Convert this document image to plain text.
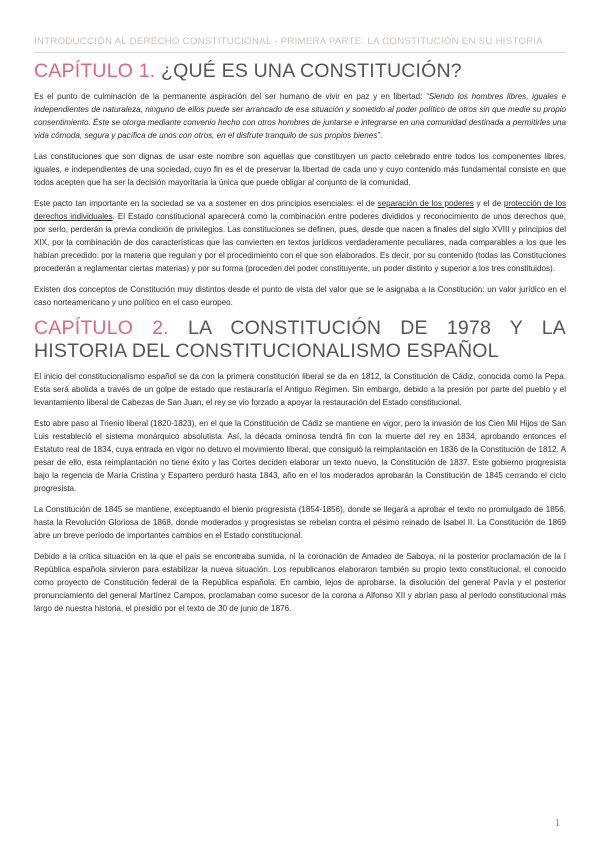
INTRODUCCIÓN AL DERECHO CONSTITUCIONAL - PRIMERA PARTE. LA CONSTITUCIÓN EN SU HISTORIA
CAPÍTULO 1. ¿QUÉ ES UNA CONSTITUCIÓN?

Es el punto de culminación de la permanente aspiración del ser humano de vivir en paz y en libertad: “Siendo los hombres libres, iguales e independientes de naturaleza, ninguno de ellos puede ser arrancado de esa situación y sometido al poder político de otros sin que medie su propio consentimiento. Éste se otorga mediante convenio hecho con otros hombres de juntarse e integrarse en una comunidad destinada a permitirles una vida cómoda, segura y pacífica de unos con otros, en el disfrute tranquilo de sus propios bienes”.

Las constituciones que son dignas de usar este nombre son aquellas que constituyen un pacto celebrado entre todos los componentes libres, iguales, e independientes de una sociedad, cuyo fin es el de preservar la libertad de cada uno y cuyo contenido más fundamental consiste en que todos acepten que ha ser la decisión mayoritaria la única que puede obligar al conjunto de la comunidad.

Este pacto tan importante en la sociedad se va a sostener en dos principios esenciales: el de separación de los poderes y el de protección de los derechos individuales. El Estado constitucional aparecerá como la combinación entre poderes divididos y reconocimiento de unos derechos que, por serlo, perderán la previa condición de privilegios. Las constituciones se definen, pues, desde que nacen a finales del siglo XVIII y principios del XIX, por la combinación de dos características que las convierten en textos jurídicos verdaderamente peculiares, nada comparables a los que les habían precedido: por la materia que regulan y por el procedimiento con el que son elaborados. Es decir, por su contenido (todas las Constituciones procederán a reglamentar ciertas materias) y por su forma (proceden del poder constituyente, un poder distinto y superior a los tres constituidos).

Existen dos conceptos de Constitución muy distintos desde el punto de vista del valor que se le asignaba a la Constitución: un valor jurídico en el caso norteamericano y uno político en el caso europeo.

CAPÍTULO 2. LA CONSTITUCIÓN DE 1978 Y LA HISTORIA DEL CONSTITUCIONALISMO ESPAÑOL

El inicio del constitucionalismo español se da con la primera constitución liberal se da en 1812, la Constitución de Cádiz, conocida como la Pepa. Esta será abolida a través de un golpe de estado que restauraría el Antiguo Régimen. Sin embargo, debido a la presión por parte del pueblo y el levantamiento liberal de Cabezas de San Juan, el rey se vio forzado a apoyar la restauración del Estado constitucional.

Esto abre paso al Trienio liberal (1820-1823), en el que la Constitución de Cádiz se mantiene en vigor, pero la invasión de los Cien Mil Hijos de San Luis restableció el sistema monárquico absolutista. Así, la década ominosa tendrá fin con la muerte del rey en 1834, aprobando entonces el Estatuto real de 1834, cuya entrada en vigor no detuvo el movimiento liberal, que consiguió la reimplantación en 1836 de la Constitución de 1812. A pesar de ello, esta reimplantación no tiene éxito y las Cortes deciden elaborar un texto nuevo, la Constitución de 1837. Este gobierno progresista bajo la regencia de María Cristina y Espartero perduró hasta 1843, año en el los moderados aprobarán la Constitución de 1845 cerrando el ciclo progresista.

La Constitución de 1845 se mantiene, exceptuando el bienio progresista (1854-1856), donde se llegará a aprobar el texto no promulgado de 1856, hasta la Revolución Gloriosa de 1868, donde moderados y progresistas se rebelan contra el pésimo reinado de Isabel II. La Constitución de 1869 abre un breve período de importantes cambios en el Estado constitucional.

Debido a la crítica situación en la que el país se encontraba sumida, ni la coronación de Amadeo de Saboya, ni la posterior proclamación de la I República española sirvieron para estabilizar la nueva situación. Los republicanos elaboraron también su propio texto constitucional, el conocido como proyecto de Constitución federal de la República española. En cambio, lejos de aprobarse, la disolución del general Pavía y el posterior pronunciamiento del general Martínez Campos, proclamaban como sucesor de la corona a Alfonso XII y abrían paso al período constitucional más largo de nuestra historia, el presidio por el texto de 30 de junio de 1876.

1
